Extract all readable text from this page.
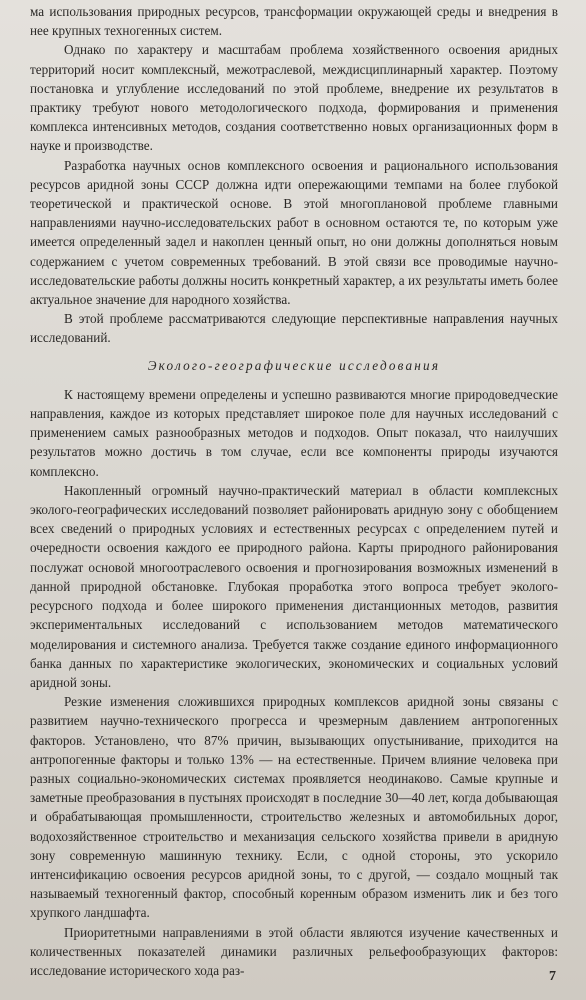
ма использования природных ресурсов, трансформации окружающей среды и внедрения в нее крупных техногенных систем.

Однако по характеру и масштабам проблема хозяйственного освоения аридных территорий носит комплексный, межотраслевой, междисциплинарный характер. Поэтому постановка и углубление исследований по этой проблеме, внедрение их результатов в практику требуют нового методологического подхода, формирования и применения комплекса интенсивных методов, создания соответственно новых организационных форм в науке и производстве.

Разработка научных основ комплексного освоения и рационального использования ресурсов аридной зоны СССР должна идти опережающими темпами на более глубокой теоретической и практической основе. В этой многоплановой проблеме главными направлениями научно-исследовательских работ в основном остаются те, по которым уже имеется определенный задел и накоплен ценный опыт, но они должны дополняться новым содержанием с учетом современных требований. В этой связи все проводимые научно-исследовательские работы должны носить конкретный характер, а их результаты иметь более актуальное значение для народного хозяйства.

В этой проблеме рассматриваются следующие перспективные направления научных исследований.

Эколого-географические исследования

К настоящему времени определены и успешно развиваются многие природоведческие направления, каждое из которых представляет широкое поле для научных исследований с применением самых разнообразных методов и подходов. Опыт показал, что наилучших результатов можно достичь в том случае, если все компоненты природы изучаются комплексно.

Накопленный огромный научно-практический материал в области комплексных эколого-географических исследований позволяет районировать аридную зону с обобщением всех сведений о природных условиях и естественных ресурсах с определением путей и очередности освоения каждого ее природного района. Карты природного районирования послужат основой многоотраслевого освоения и прогнозирования возможных изменений в данной природной обстановке. Глубокая проработка этого вопроса требует эколого-ресурсного подхода и более широкого применения дистанционных методов, развития экспериментальных исследований с использованием методов математического моделирования и системного анализа. Требуется также создание единого информационного банка данных по характеристике экологических, экономических и социальных условий аридной зоны.

Резкие изменения сложившихся природных комплексов аридной зоны связаны с развитием научно-технического прогресса и чрезмерным давлением антропогенных факторов. Установлено, что 87% причин, вызывающих опустынивание, приходится на антропогенные факторы и только 13% — на естественные. Причем влияние человека при разных социально-экономических системах проявляется неодинаково. Самые крупные и заметные преобразования в пустынях происходят в последние 30—40 лет, когда добывающая и обрабатывающая промышленности, строительство железных и автомобильных дорог, водохозяйственное строительство и механизация сельского хозяйства привели в аридную зону современную машинную технику. Если, с одной стороны, это ускорило интенсификацию освоения ресурсов аридной зоны, то с другой, — создало мощный так называемый техногенный фактор, способный коренным образом изменить лик и без того хрупкого ландшафта.

Приоритетными направлениями в этой области являются изучение качественных и количественных показателей динамики различных рельефообразующих факторов: исследование исторического хода раз-	7
